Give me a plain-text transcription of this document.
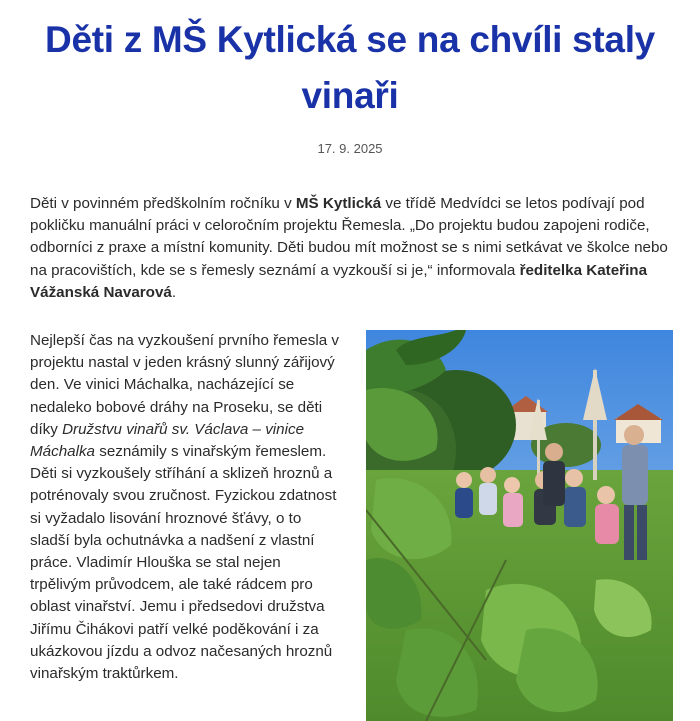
Děti z MŠ Kytlická se na chvíli staly vinaři
17. 9. 2025

Děti v povinném předškolním ročníku v MŠ Kytlická ve třídě Medvídci se letos podívají pod pokličku manuální práci v celoročním projektu Řemesla. „Do projektu budou zapojeni rodiče, odborníci z praxe a místní komunity. Děti budou mít možnost se s nimi setkávat ve školce nebo na pracovištích, kde se s řemesly seznámí a vyzkouší si je,“ informovala ředitelka Kateřina Vážanská Navarová.

Nejlepší čas na vyzkoušení prvního řemesla v projektu nastal v jeden krásný slunný zářijový den. Ve vinici Máchalka, nacházející se nedaleko bobové dráhy na Proseku, se děti díky Družstvu vinařů sv. Václava – vinice Máchalka seznámily s vinařským řemeslem. Děti si vyzkoušely stříhání a sklizeň hroznů a potrénovaly svou zručnost. Fyzickou zdatnost si vyžadalo lisování hroznové šťávy, o to sladší byla ochutnávka a nadšení z vlastní práce. Vladimír Hlouška se stal nejen trpělivým průvodcem, ale také rádcem pro oblast vinařství. Jemu i předsedovi družstva Jiřímu Čihákovi patří velké poděkování i za ukázkovou jízdu a odvoz načesaných hroznů vinařským traktůrkem.
